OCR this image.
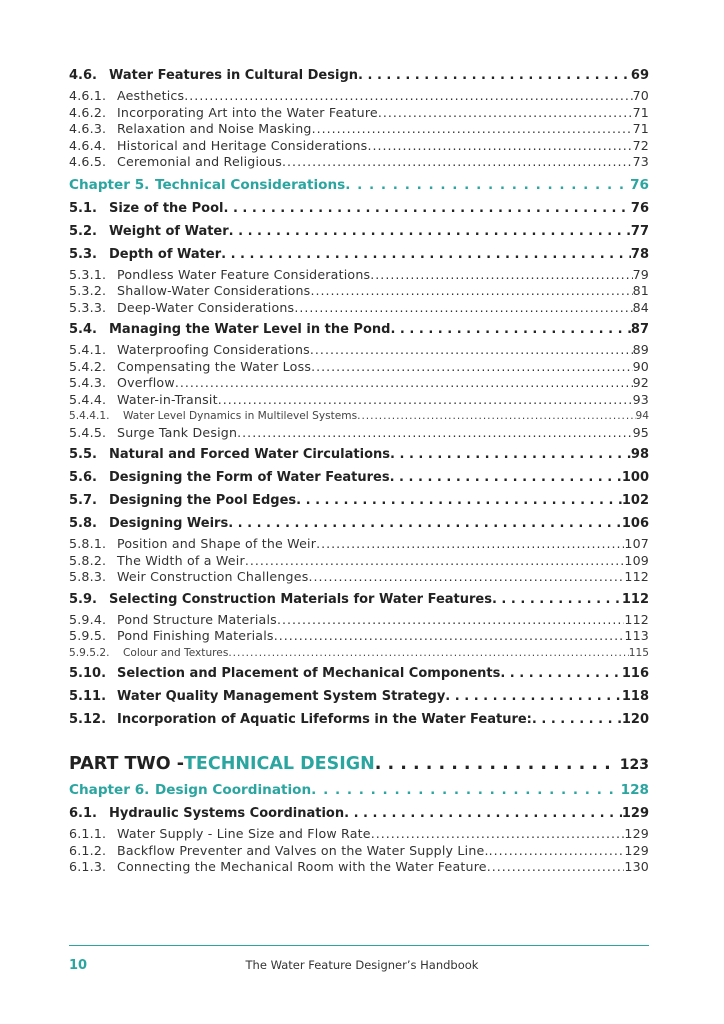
4.6. Water Features in Cultural Design . . .	69
4.6.1. Aesthetics . . .	70
4.6.2. Incorporating Art into the Water Feature . . .	71
4.6.3. Relaxation and Noise Masking . . .	71
4.6.4. Historical and Heritage Considerations . . .	72
4.6.5. Ceremonial and Religious . . .	73
Chapter 5. Technical Considerations . . .	76
5.1. Size of the Pool . . .	76
5.2. Weight of Water . . .	77
5.3. Depth of Water . . .	78
5.3.1. Pondless Water Feature Considerations . . .	79
5.3.2. Shallow-Water Considerations . . .	81
5.3.3. Deep-Water Considerations . . .	84
5.4. Managing the Water Level in the Pond . . .	87
5.4.1. Waterproofing Considerations . . .	89
5.4.2. Compensating the Water Loss . . .	90
5.4.3. Overflow . . .	92
5.4.4. Water-in-Transit . . .	93
5.4.4.1.	Water Level Dynamics in Multilevel Systems . . .	94
5.4.5. Surge Tank Design . . .	95
5.5. Natural and Forced Water Circulations . . .	98
5.6. Designing the Form of Water Features . . .	100
5.7. Designing the Pool Edges . . .	102
5.8. Designing Weirs . . .	106
5.8.1. Position and Shape of the Weir . . .	107
5.8.2. The Width of a Weir . . .	109
5.8.3. Weir Construction Challenges . . .	112
5.9. Selecting Construction Materials for Water Features . . .	112
5.9.4. Pond Structure Materials . . .	112
5.9.5. Pond Finishing Materials . . .	113
5.9.5.2.	Colour and Textures . . .	115
5.10. Selection and Placement of Mechanical Components . . .	116
5.11. Water Quality Management System Strategy . . .	118
5.12. Incorporation of Aquatic Lifeforms in the Water Feature: . . .	120
PART TWO - TECHNICAL DESIGN . . .	123
Chapter 6. Design Coordination . . .	128
6.1. Hydraulic Systems Coordination . . .	129
6.1.1. Water Supply - Line Size and Flow Rate . . .	129
6.1.2. Backflow Preventer and Valves on the Water Supply Line. . . .	129
6.1.3. Connecting the Mechanical Room with the Water Feature . . .	130
10	The Water Feature Designer’s Handbook
